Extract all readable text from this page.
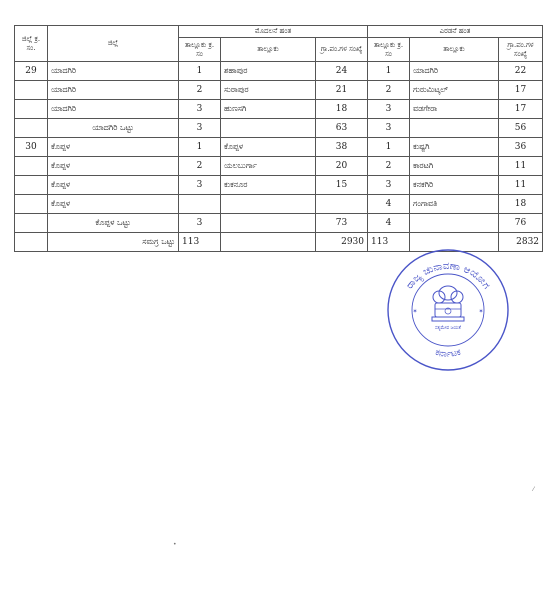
ಜಿಲ್ಲೆ ಕ್ರ. ಸಂ.	ಜಿಲ್ಲೆ	ಮೊದಲನೆ ಹಂತ			ಎರಡನೆ ಹಂತ		
		ತಾಲ್ಲೂಕು ಕ್ರ. ಸಂ	ತಾಲ್ಲೂಕು	ಗ್ರಾ.ಪಂ.ಗಳ ಸಂಖ್ಯೆ	ತಾಲ್ಲೂಕು ಕ್ರ. ಸಂ	ತಾಲ್ಲೂಕು	ಗ್ರಾ.ಪಂ.ಗಳ ಸಂಖ್ಯೆ
29	ಯಾದಗಿರಿ	1	ಶಹಾಪುರ	24	1	ಯಾದಗಿರಿ	22
	ಯಾದಗಿರಿ	2	ಸುರಾಪುರ	21	2	ಗುರುಮಿಟ್ಕಲ್	17
	ಯಾದಗಿರಿ	3	ಹುಣಸಗಿ	18	3	ವಡಗೇರಾ	17
	ಯಾದಗಿರಿ ಒಟ್ಟು	3		63	3		56
30	ಕೊಪ್ಪಳ	1	ಕೊಪ್ಪಳ	38	1	ಕುಷ್ಟಗಿ	36
	ಕೊಪ್ಪಳ	2	ಯಲಬುರ್ಗಾ	20	2	ಕಾರಟಗಿ	11
	ಕೊಪ್ಪಳ	3	ಕುಕನೂರ	15	3	ಕನಕಗಿರಿ	11
	ಕೊಪ್ಪಳ				4	ಗಂಗಾವತಿ	18
	ಕೊಪ್ಪಳ ಒಟ್ಟು	3		73	4		76
	ಸಮಗ್ರ ಒಟ್ಟು	113		2930	113		2832
ರಾಜ್ಯ ಚುನಾವಣಾ ಆಯೋಗ
ಕರ್ನಾಟಕ
ಸತ್ಯಮೇವ ಜಯತೆ
✶	✶
⁄
•
